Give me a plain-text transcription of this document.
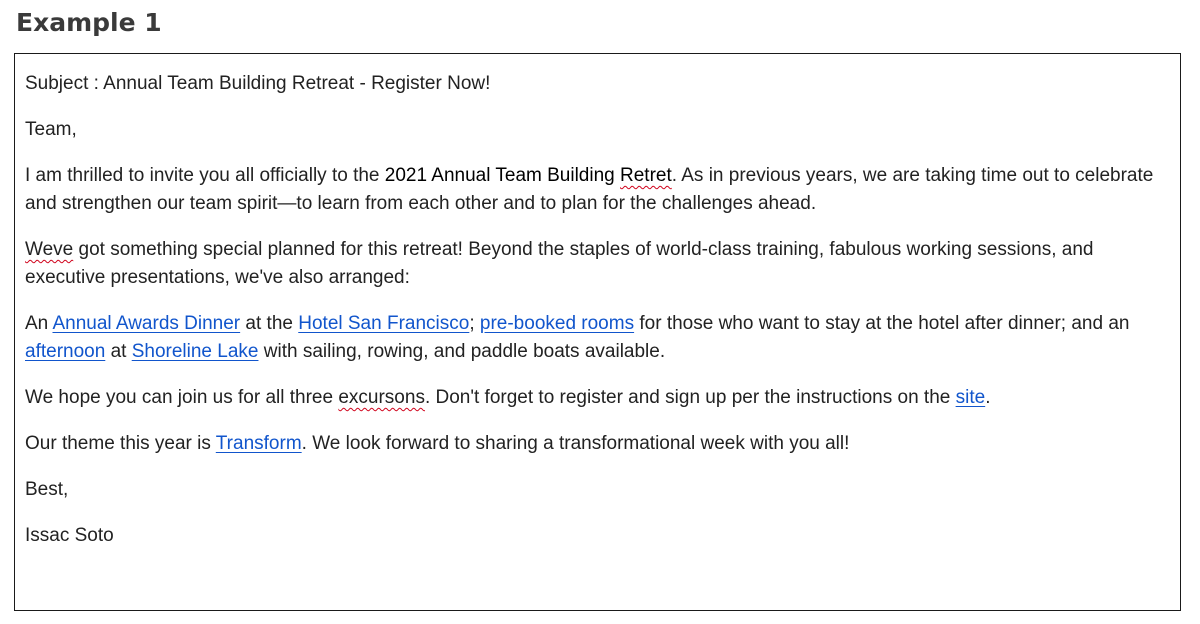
Example 1

Subject : Annual Team Building Retreat - Register Now!

Team,

I am thrilled to invite you all officially to the 2021 Annual Team Building Retret. As in previous years, we are taking time out to celebrate and strengthen our team spirit—to learn from each other and to plan for the challenges ahead.

Weve got something special planned for this retreat! Beyond the staples of world-class training, fabulous working sessions, and executive presentations, we've also arranged:

An Annual Awards Dinner at the Hotel San Francisco; pre-booked rooms for those who want to stay at the hotel after dinner; and an afternoon at Shoreline Lake with sailing, rowing, and paddle boats available.

We hope you can join us for all three excursons. Don't forget to register and sign up per the instructions on the site.

Our theme this year is Transform. We look forward to sharing a transformational week with you all!

Best,

Issac Soto
